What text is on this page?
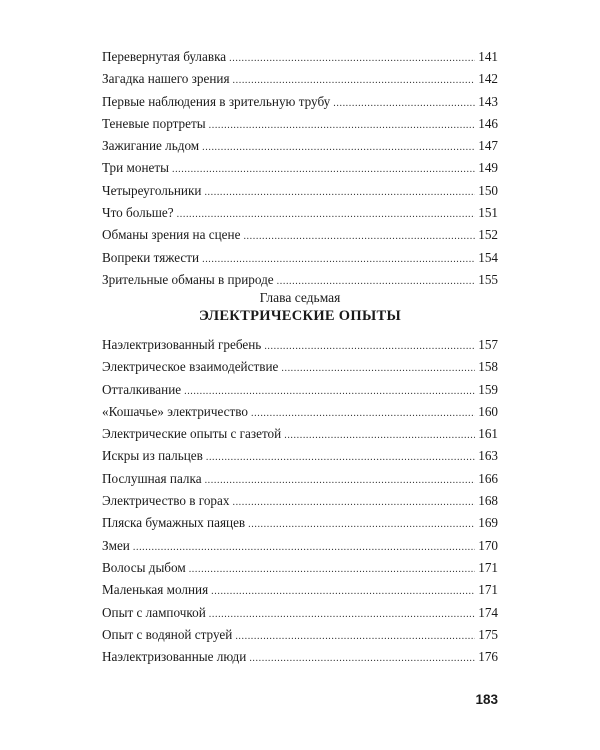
Перевернутая булавка .....	141
Загадка нашего зрения .....	142
Первые наблюдения в зрительную трубу .....	143
Теневые портреты .....	146
Зажигание льдом .....	147
Три монеты .....	149
Четыреугольники .....	150
Что больше? .....	151
Обманы зрения на сцене .....	152
Вопреки тяжести .....	154
Зрительные обманы в природе .....	155
Глава седьмая
ЭЛЕКТРИЧЕСКИЕ ОПЫТЫ
Наэлектризованный гребень .....	157
Электрическое взаимодействие .....	158
Отталкивание .....	159
«Кошачье» электричество .....	160
Электрические опыты с газетой .....	161
Искры из пальцев .....	163
Послушная палка .....	166
Электричество в горах .....	168
Пляска бумажных паяцев .....	169
Змеи .....	170
Волосы дыбом .....	171
Маленькая молния .....	171
Опыт с лампочкой .....	174
Опыт с водяной струей .....	175
Наэлектризованные люди .....	176
183
